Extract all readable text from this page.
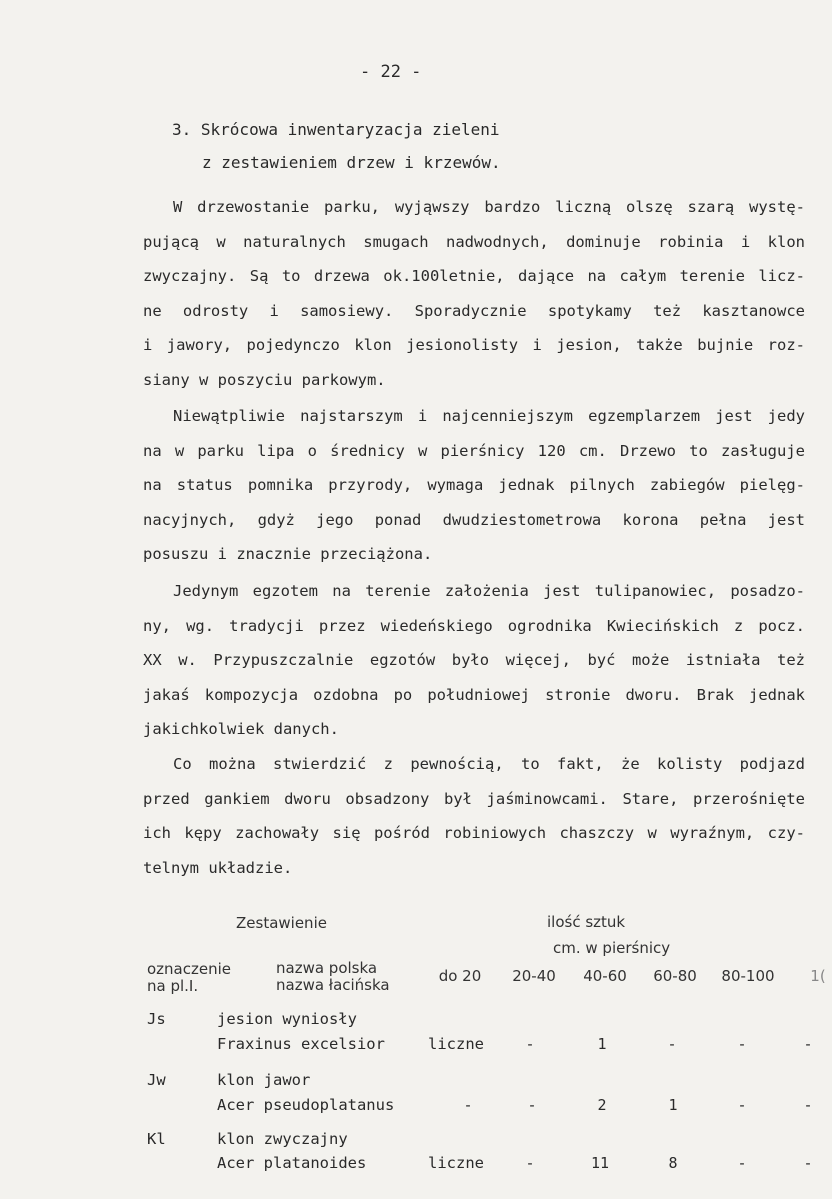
- 22 -
3. Skrócowa inwentaryzacja zieleni
z zestawieniem drzew i krzewów.
W drzewostanie parku, wyjąwszy bardzo liczną olszę szarą wystę-
pującą w naturalnych smugach nadwodnych, dominuje robinia i klon
zwyczajny. Są to drzewa ok.100letnie, dające na całym terenie licz-
ne odrosty i samosiewy. Sporadycznie spotykamy też kasztanowce
i jawory, pojedynczo klon jesionolisty i jesion, także bujnie roz-
siany w poszyciu parkowym.
Niewątpliwie najstarszym i najcenniejszym egzemplarzem jest jedy
na w parku lipa o średnicy w pierśnicy 120 cm. Drzewo to zasługuje
na status pomnika przyrody, wymaga jednak pilnych zabiegów pielęg-
nacyjnych, gdyż jego ponad dwudziestometrowa korona pełna jest
posuszu i znacznie przeciążona.
Jedynym egzotem na terenie założenia jest tulipanowiec, posadzo-
ny, wg. tradycji przez wiedeńskiego ogrodnika Kwiecińskich z pocz.
XX w. Przypuszczalnie egzotów było więcej, być może istniała też
jakaś kompozycja ozdobna po południowej stronie dworu. Brak jednak
jakichkolwiek danych.
Co można stwierdzić z pewnością, to fakt, że kolisty podjazd
przed gankiem dworu obsadzony był jaśminowcami. Stare, przerośnięte
ich kępy zachowały się pośród robiniowych chaszczy w wyraźnym, czy-
telnym układzie.
Zestawienie	ilość sztuk
cm. w pierśnicy
oznaczenie
na pl.I.
nazwa polska
nazwa łacińska	do 20 20-40 40-60 60-80 80-100 1(
Js	jesion wyniosły
Fraxinus excelsior	liczne	-	1	-	-	-
Jw	klon jawor
Acer pseudoplatanus	-	-	2	1	-	-
Kl	klon zwyczajny
Acer platanoides	liczne	-	11	8	-	-
